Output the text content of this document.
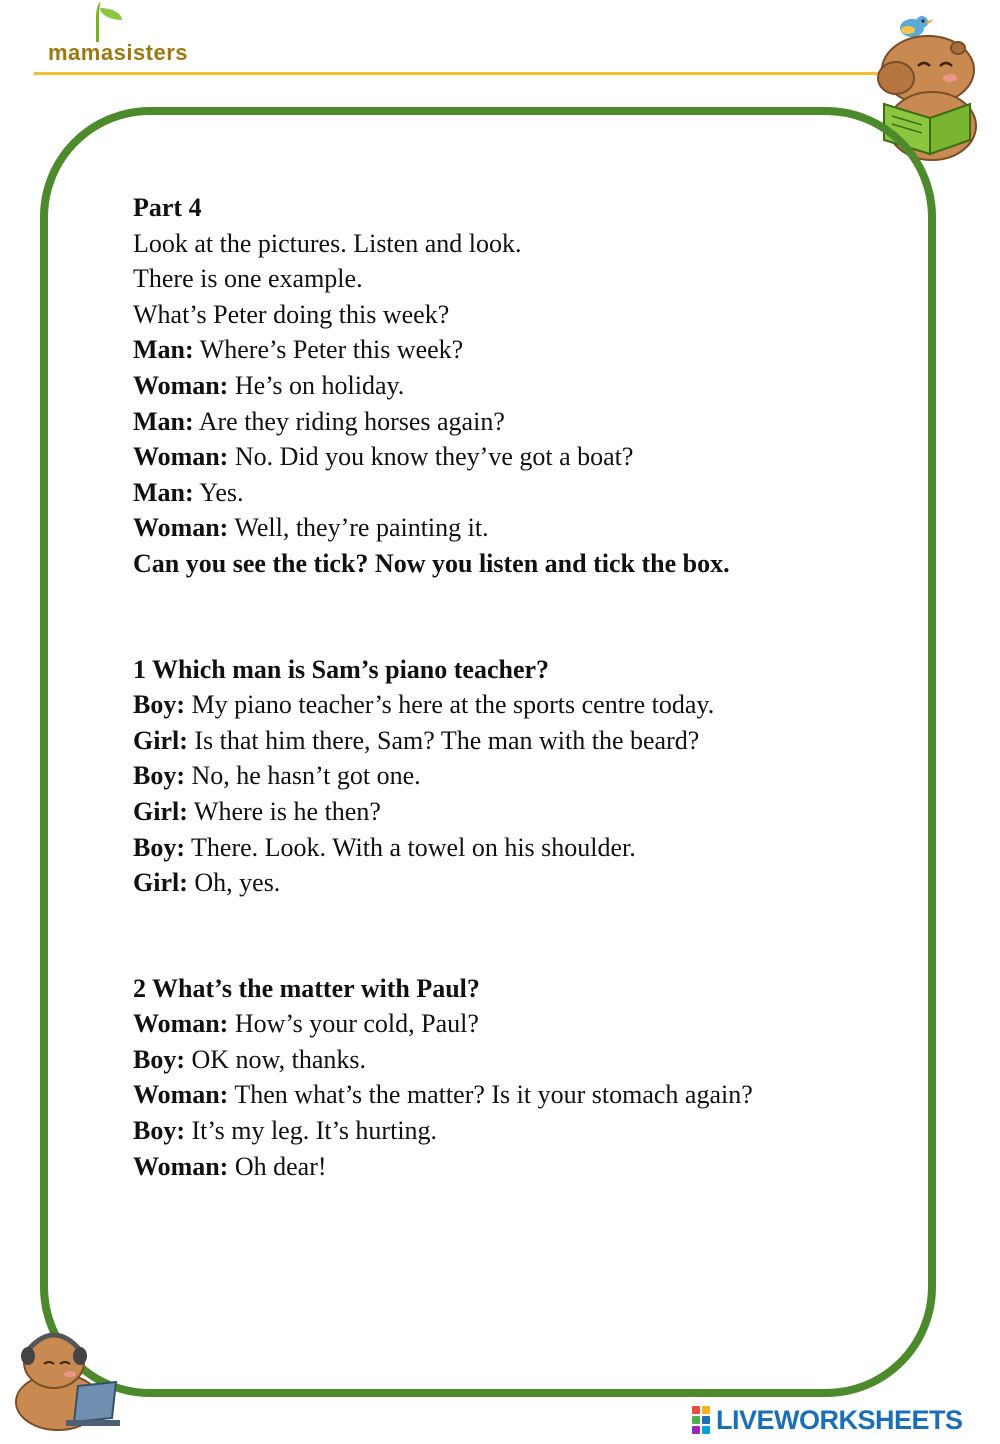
mamasisters

Part 4

Look at the pictures. Listen and look.

There is one example.

What’s Peter doing this week?

Man: Where’s Peter this week?

Woman: He’s on holiday.

Man: Are they riding horses again?

Woman: No. Did you know they’ve got a boat?

Man: Yes.

Woman: Well, they’re painting it.

Can you see the tick? Now you listen and tick the box.

1 Which man is Sam’s piano teacher?

Boy: My piano teacher’s here at the sports centre today.

Girl: Is that him there, Sam? The man with the beard?

Boy: No, he hasn’t got one.

Girl: Where is he then?

Boy: There. Look. With a towel on his shoulder.

Girl: Oh, yes.

2 What’s the matter with Paul?

Woman: How’s your cold, Paul?

Boy: OK now, thanks.

Woman: Then what’s the matter? Is it your stomach again?

Boy: It’s my leg. It’s hurting.

Woman: Oh dear!

LIVEWORKSHEETS
